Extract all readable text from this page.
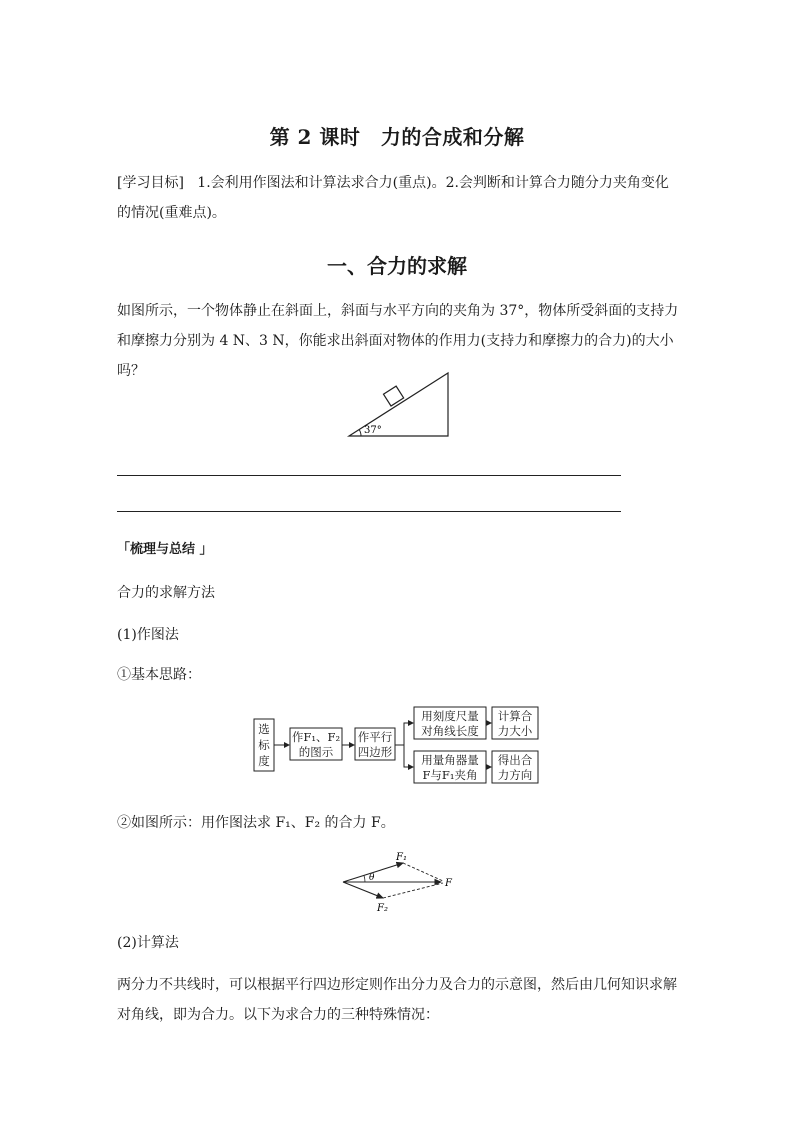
第 2 课时　力的合成和分解
[学习目标] 1.会利用作图法和计算法求合力(重点)。2.会判断和计算合力随分力夹角变化的情况(重难点)。
一、合力的求解
如图所示，一个物体静止在斜面上，斜面与水平方向的夹角为 37°，物体所受斜面的支持力和摩擦力分别为 4 N、3 N，你能求出斜面对物体的作用力(支持力和摩擦力的合力)的大小吗？
37°
「梳理与总结 」
合力的求解方法
(1)作图法
①基本思路：
选
标
度
作F₁、F₂
的图示
作平行
四边形
用刻度尺量
对角线长度
计算合
力大小
用量角器量
F与F₁夹角
得出合
力方向
②如图所示：用作图法求 F₁、F₂ 的合力 F。
θ
F₁
F₂
F
(2)计算法
两分力不共线时，可以根据平行四边形定则作出分力及合力的示意图，然后由几何知识求解对角线，即为合力。以下为求合力的三种特殊情况：
